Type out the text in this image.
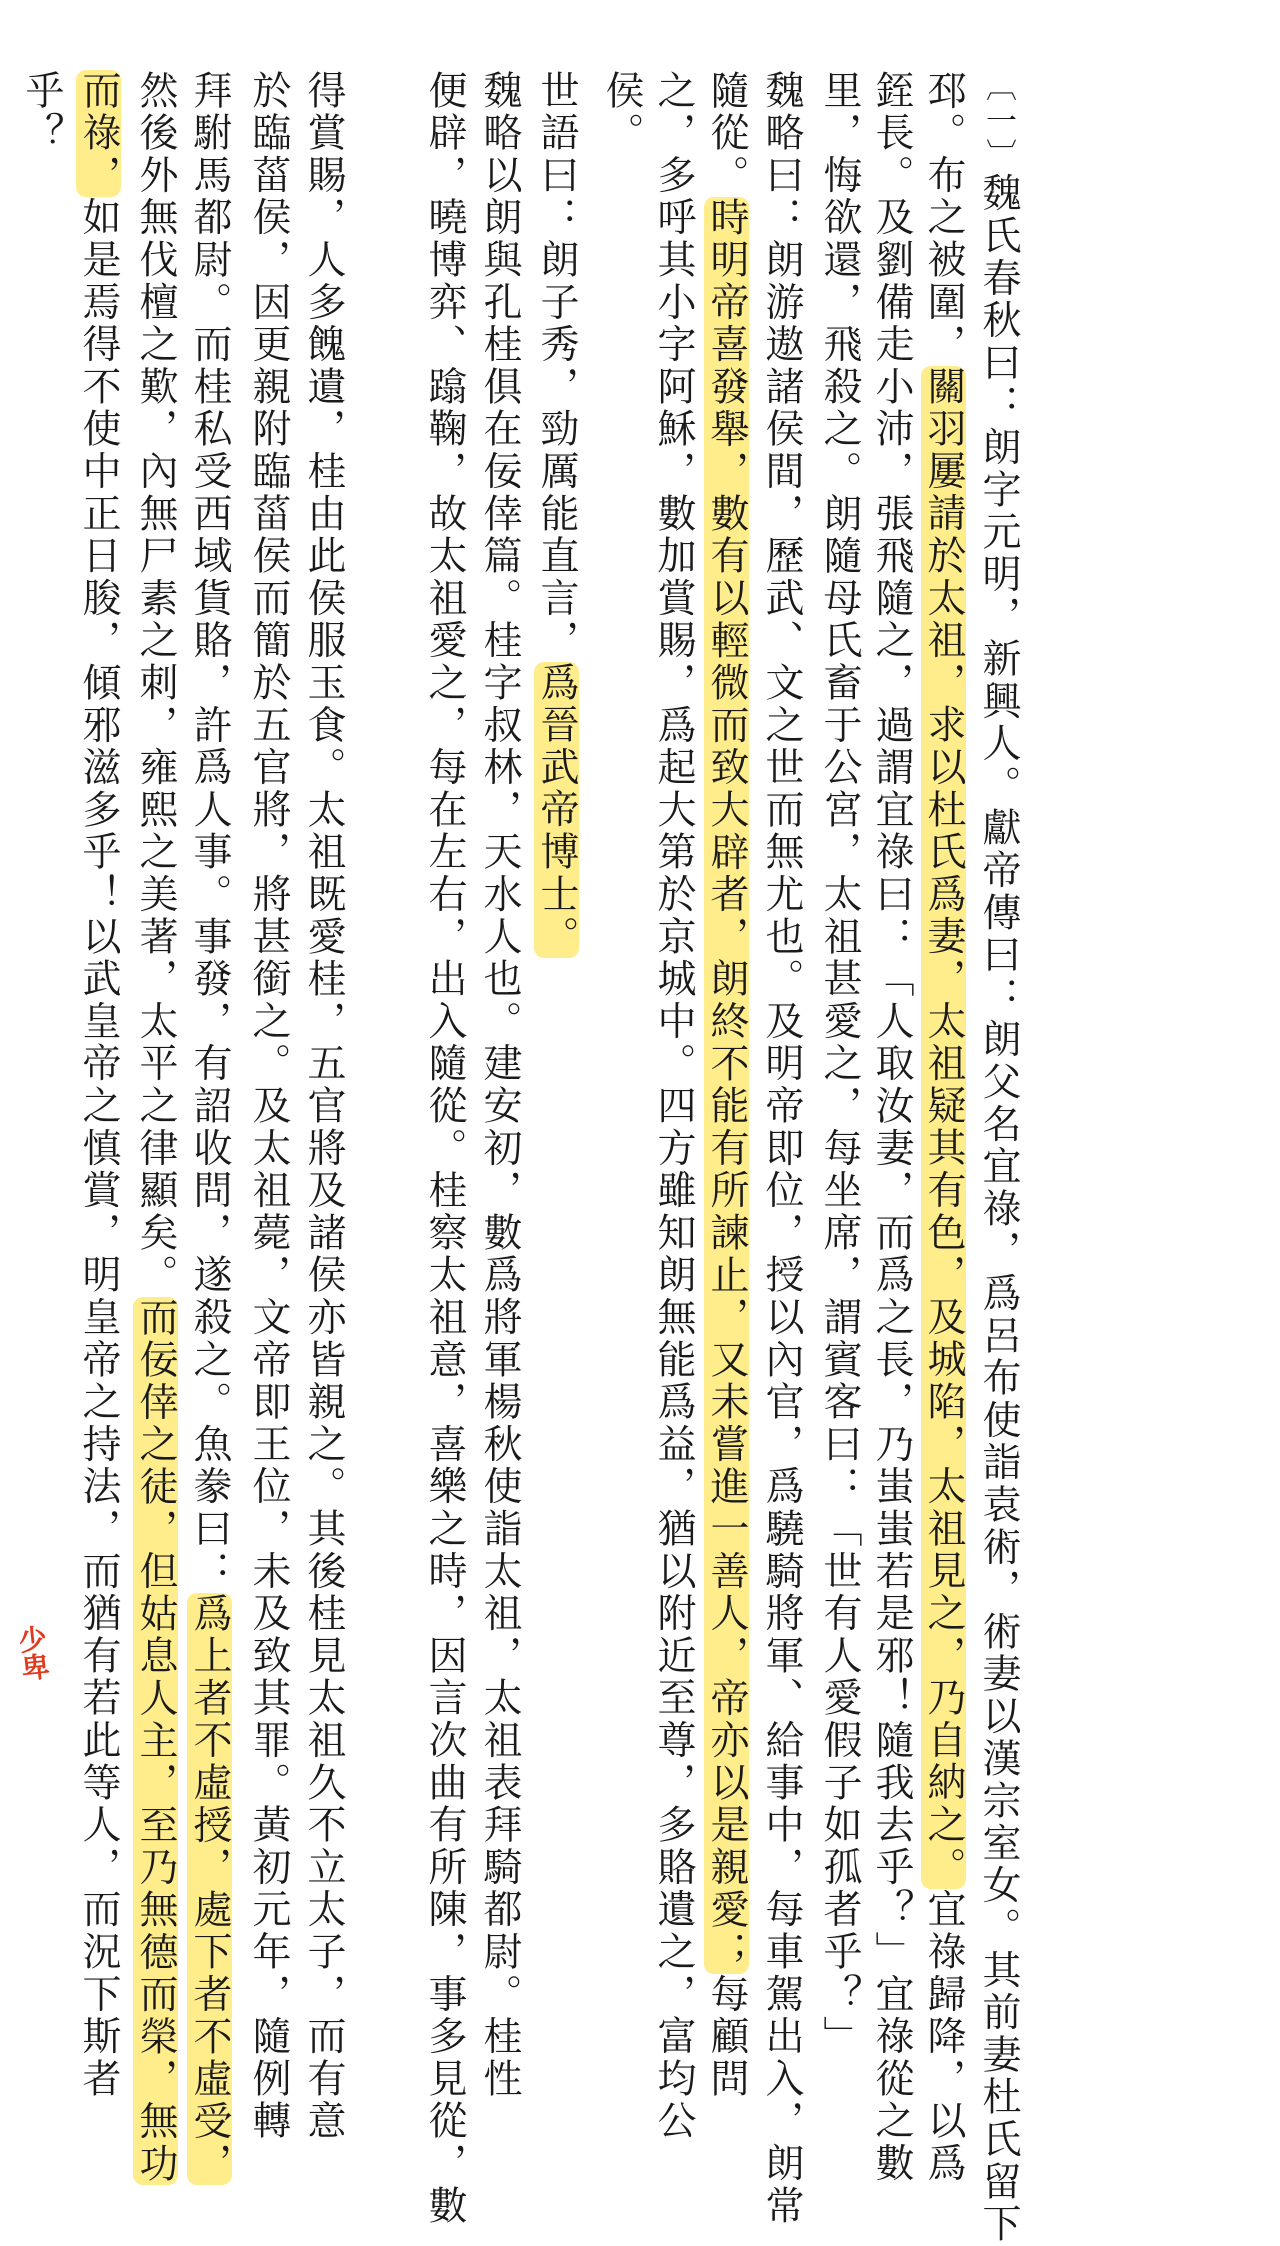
〔一〕魏氏春秋曰：朗字元明，新興人。獻帝傳曰：朗父名宜祿，爲呂布使詣袁術，術妻以漢宗室女。其前妻杜氏留下
邳。布之被圍，關羽屢請於太祖，求以杜氏爲妻，太祖疑其有色，及城陷，太祖見之，乃自納之。宜祿歸降，以爲
銍長。及劉備走小沛，張飛隨之，過謂宜祿曰：「人取汝妻，而爲之長，乃蚩蚩若是邪！隨我去乎？」宜祿從之數
里，悔欲還，飛殺之。朗隨母氏畜于公宮，太祖甚愛之，每坐席，謂賓客曰：「世有人愛假子如孤者乎？」
魏略曰：朗游遨諸侯間，歷武、文之世而無尤也。及明帝即位，授以內官，爲驍騎將軍、給事中，每車駕出入，朗常
隨從。時明帝喜發舉，數有以輕微而致大辟者，朗終不能有所諫止，又未嘗進一善人，帝亦以是親愛；每顧問
之，多呼其小字阿穌，數加賞賜，爲起大第於京城中。四方雖知朗無能爲益，猶以附近至尊，多賂遺之，富均公
侯。
世語曰：朗子秀，勁厲能直言，爲晉武帝博士。
魏略以朗與孔桂俱在佞倖篇。桂字叔林，天水人也。建安初，數爲將軍楊秋使詣太祖，太祖表拜騎都尉。桂性
便辟，曉博弈、蹹鞠，故太祖愛之，每在左右，出入隨從。桂察太祖意，喜樂之時，因言次曲有所陳，事多見從，數
得賞賜，人多餽遺，桂由此侯服玉食。太祖既愛桂，五官將及諸侯亦皆親之。其後桂見太祖久不立太子，而有意
於臨菑侯，因更親附臨菑侯而簡於五官將，將甚銜之。及太祖薨，文帝即王位，未及致其罪。黃初元年，隨例轉
拜駙馬都尉。而桂私受西域貨賂，許爲人事。事發，有詔收問，遂殺之。魚豢曰：爲上者不虛授，處下者不虛受，
然後外無伐檀之歎，內無尸素之刺，雍熙之美著，太平之律顯矣。而佞倖之徒，但姑息人主，至乃無德而榮，無功
而祿，如是焉得不使中正日朘，傾邪滋多乎！以武皇帝之慎賞，明皇帝之持法，而猶有若此等人，而況下斯者
乎？
少卑
